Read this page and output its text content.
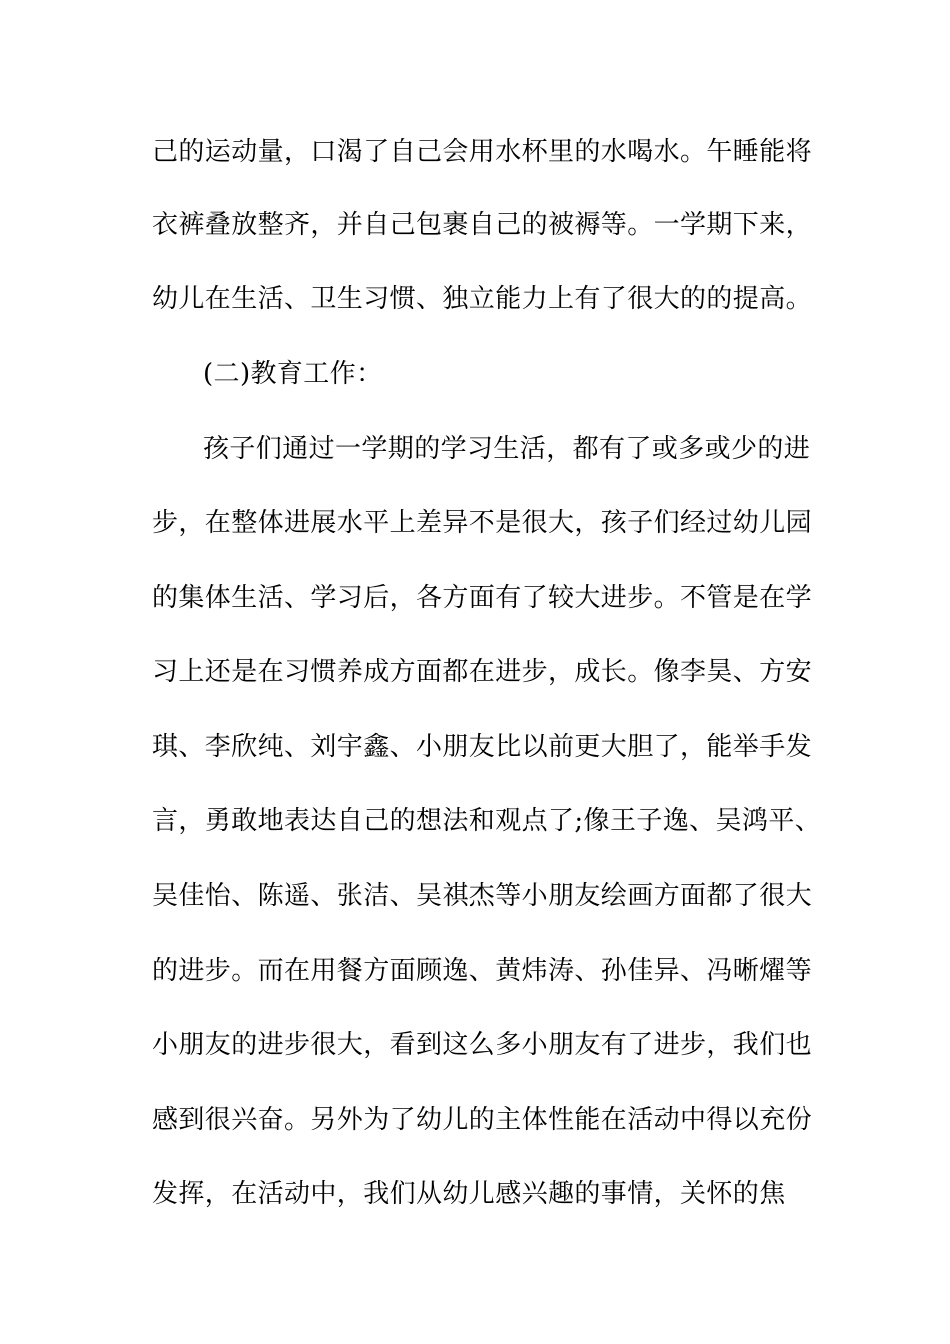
己的运动量，口渴了自己会用水杯里的水喝水。午睡能将
衣裤叠放整齐，并自己包裹自己的被褥等。一学期下来，
幼儿在生活、卫生习惯、独立能力上有了很大的的提高。
(二)教育工作：
孩子们通过一学期的学习生活，都有了或多或少的进
步，在整体进展水平上差异不是很大，孩子们经过幼儿园
的集体生活、学习后，各方面有了较大进步。不管是在学
习上还是在习惯养成方面都在进步，成长。像李昊、方安
琪、李欣纯、刘宇鑫、小朋友比以前更大胆了，能举手发
言，勇敢地表达自己的想法和观点了;像王子逸、吴鸿平、
吴佳怡、陈遥、张洁、吴祺杰等小朋友绘画方面都了很大
的进步。而在用餐方面顾逸、黄炜涛、孙佳异、冯晰燿等
小朋友的进步很大，看到这么多小朋友有了进步，我们也
感到很兴奋。另外为了幼儿的主体性能在活动中得以充份
发挥，在活动中，我们从幼儿感兴趣的事情，关怀的焦
